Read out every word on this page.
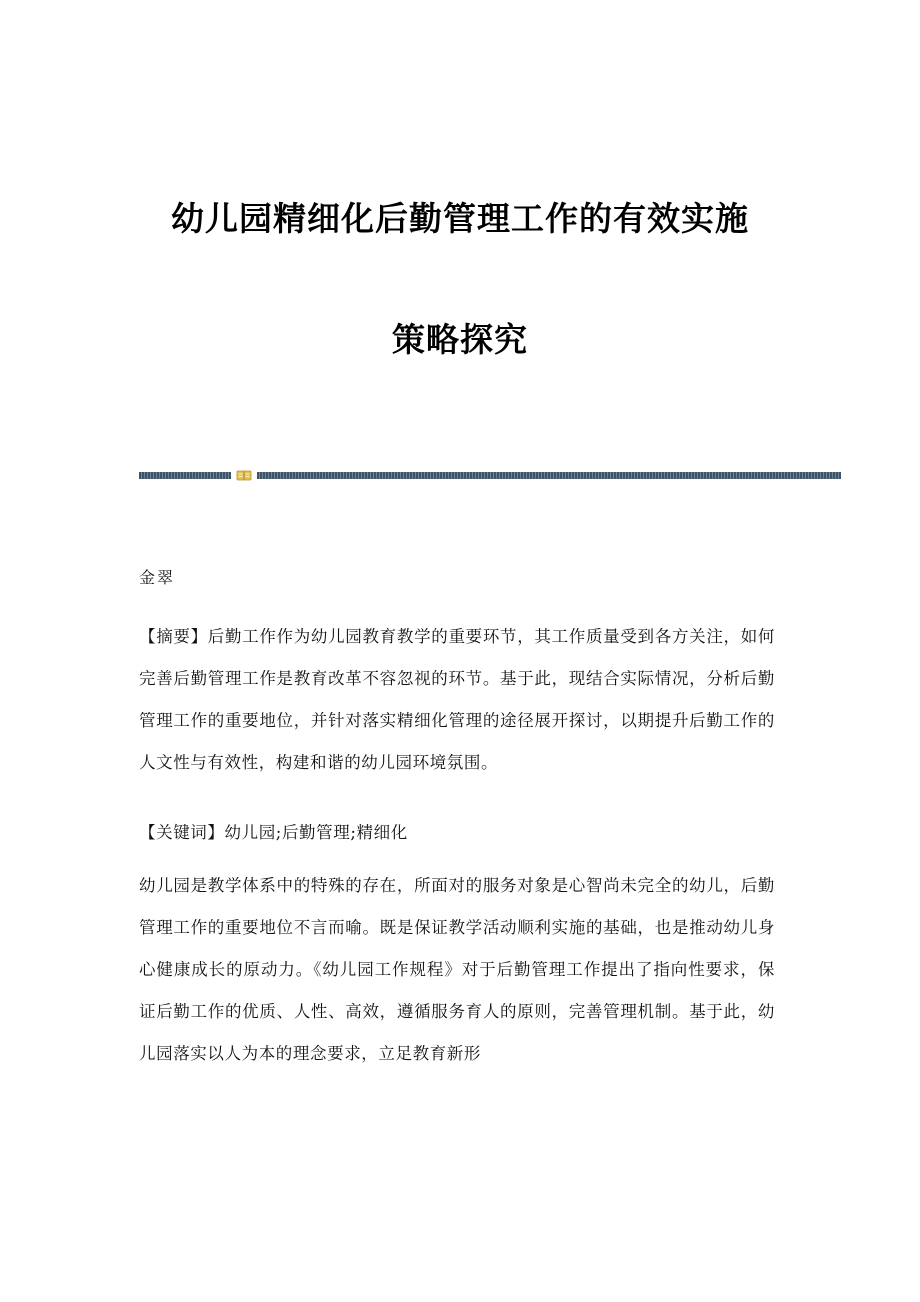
幼儿园精细化后勤管理工作的有效实施
策略探究

金翠

【摘要】后勤工作作为幼儿园教育教学的重要环节，其工作质量受到各方关注，如何完善后勤管理工作是教育改革不容忽视的环节。基于此，现结合实际情况，分析后勤管理工作的重要地位，并针对落实精细化管理的途径展开探讨，以期提升后勤工作的人文性与有效性，构建和谐的幼儿园环境氛围。

【关键词】幼儿园;后勤管理;精细化

幼儿园是教学体系中的特殊的存在，所面对的服务对象是心智尚未完全的幼儿，后勤管理工作的重要地位不言而喻。既是保证教学活动顺利实施的基础，也是推动幼儿身心健康成长的原动力。《幼儿园工作规程》对于后勤管理工作提出了指向性要求，保证后勤工作的优质、人性、高效，遵循服务育人的原则，完善管理机制。基于此，幼儿园落实以人为本的理念要求，立足教育新形
